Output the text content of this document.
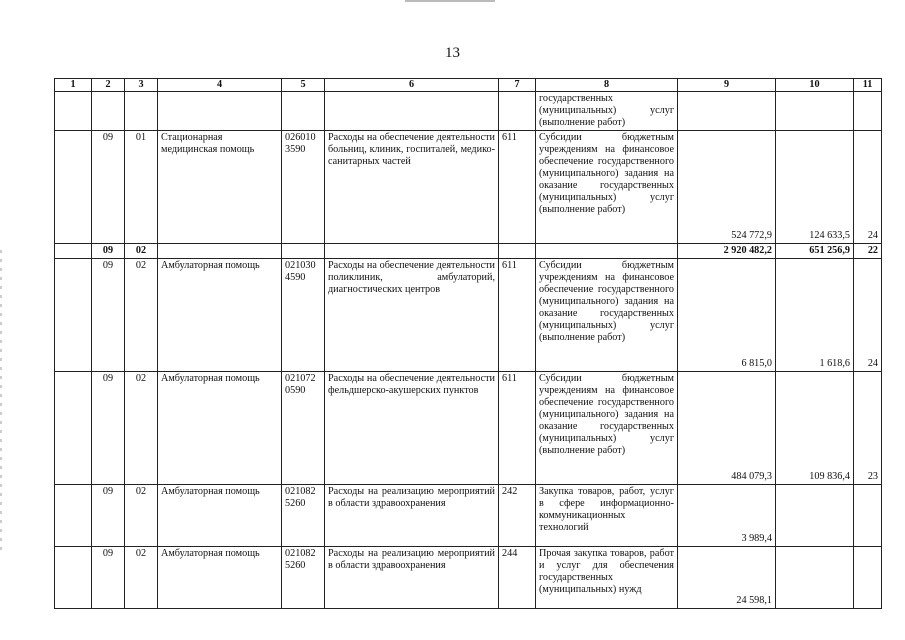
13
1	2	3	4	5	6	7	8	9	10	11
							государственных (муниципальных) услуг (выполнение работ)			
	09	01	Стационарная медицинская помощь	026010 3590	Расходы на обеспечение деятельности больниц, клиник, госпиталей, медико-санитарных частей	611	Субсидии бюджетным учреждениям на финансовое обеспечение государственного (муниципального) задания на оказание государственных (муниципальных) услуг (выполнение работ)	524 772,9	124 633,5	24
	09	02						2 920 482,2	651 256,9	22
	09	02	Амбулаторная помощь	021030 4590	Расходы на обеспечение деятельности поликлиник, амбулаторий, диагностических центров	611	Субсидии бюджетным учреждениям на финансовое обеспечение государственного (муниципального) задания на оказание государственных (муниципальных) услуг (выполнение работ)	6 815,0	1 618,6	24
	09	02	Амбулаторная помощь	021072 0590	Расходы на обеспечение деятельности фельдшерско-акушерских пунктов	611	Субсидии бюджетным учреждениям на финансовое обеспечение государственного (муниципального) задания на оказание государственных (муниципальных) услуг (выполнение работ)	484 079,3	109 836,4	23
	09	02	Амбулаторная помощь	021082 5260	Расходы на реализацию мероприятий в области здравоохранения	242	Закупка товаров, работ, услуг в сфере информационно-коммуникационных технологий	3 989,4		
	09	02	Амбулаторная помощь	021082 5260	Расходы на реализацию мероприятий в области здравоохранения	244	Прочая закупка товаров, работ и услуг для обеспечения государственных (муниципальных) нужд	24 598,1		
